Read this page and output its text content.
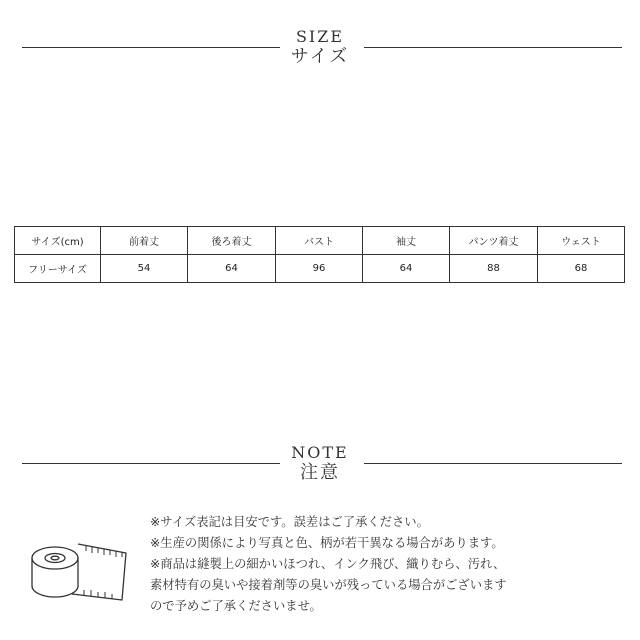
SIZE
サイズ
サイズ(cm)	前着丈	後ろ着丈	バスト	袖丈	パンツ着丈	ウェスト
フリーサイズ	54	64	96	64	88	68
NOTE
注意
※サイズ表記は目安です。誤差はご了承ください。
※生産の関係により写真と色、柄が若干異なる場合があります。
※商品は縫製上の細かいほつれ、インク飛び、織りむら、汚れ、
素材特有の臭いや接着剤等の臭いが残っている場合がございます
ので予めご了承くださいませ。
